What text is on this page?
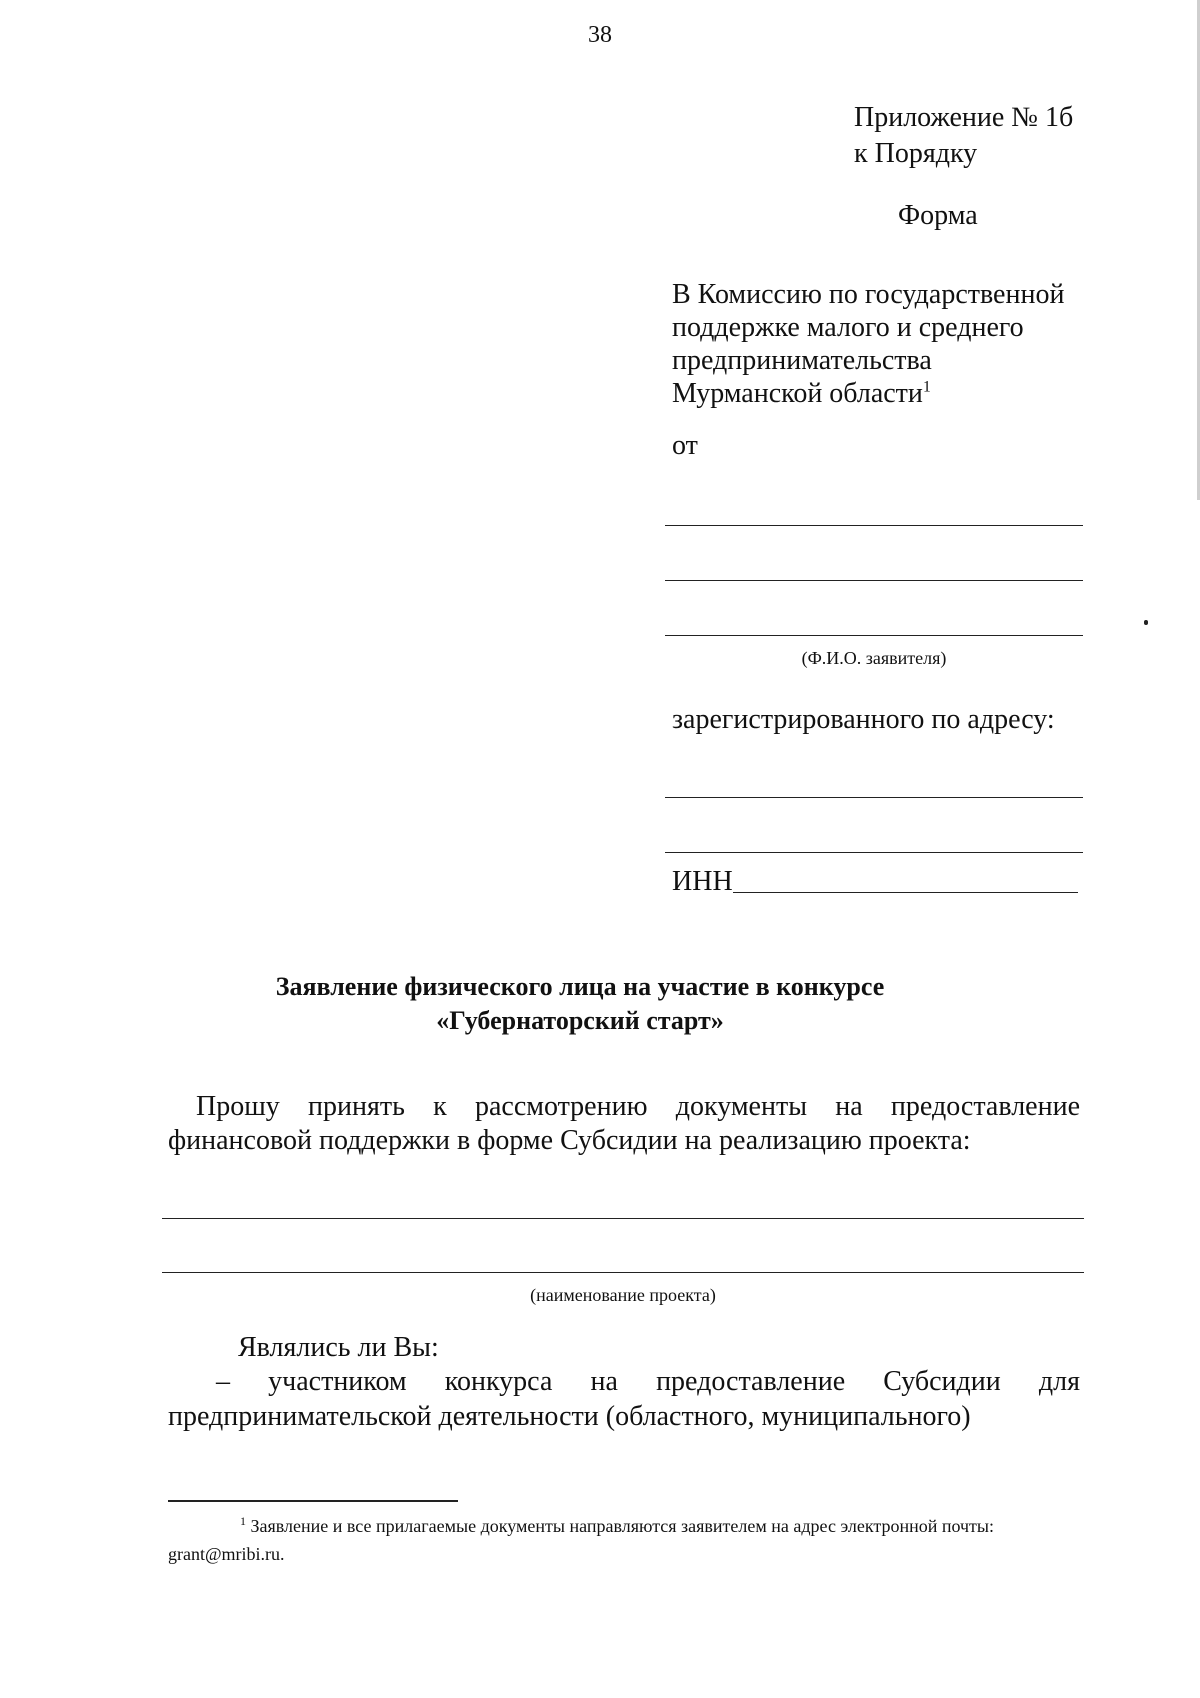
38
Приложение № 1б
к Порядку
Форма
В Комиссию по государственной
поддержке малого и среднего
предпринимательства
Мурманской области$^1$
от
(Ф.И.О. заявителя)
зарегистрированного по адресу:
ИНН
Заявление физического лица на участие в конкурсе
«Губернаторский старт»
Прошу принять к рассмотрению документы на предоставление финансовой поддержки в форме Субсидии на реализацию проекта:
(наименование проекта)
Являлись ли Вы:
– участником конкурса на предоставление Субсидии для предпринимательской деятельности (областного, муниципального)
$^1$ Заявление и все прилагаемые документы направляются заявителем на адрес электронной почты: grant@mribi.ru.
